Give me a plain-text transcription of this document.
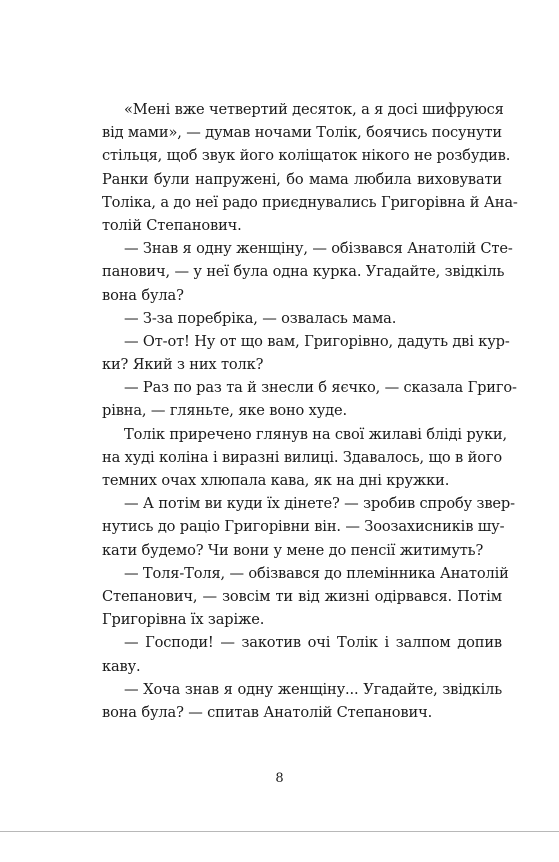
«Мені вже четвертий десяток, а я досі шифруюся
від мами», — думав ночами Толік, боячись посунути
стільця, щоб звук його колiщаток нікого не розбудив.
Ранки були напружені, бо мама любила виховувати
Толіка, а до неї радо приєднувались Григорівна й Ана-
толій Степанович.
— Знав я одну женщіну, — обізвався Анатолій Сте-
панович, — у неї була одна курка. Угадайте, звідкіль
вона була?
— З-за поребріка, — озвалась мама.
— От-от! Ну от що вам, Григорівно, дадуть дві кур-
ки? Який з них толк?
— Раз по раз та й знесли б яєчко, — сказала Григо-
рівна, — гляньте, яке воно худе.
Толік приречено глянув на свої жилаві бліді руки,
на худі коліна і виразні вилиці. Здавалось, що в його
темних очах хлюпала кава, як на дні кружки.
— А потім ви куди їх дінете? — зробив спробу звер-
нутись до раціо Григорівни він. — Зоозахисників шу-
кати будемо? Чи вони у мене до пенсії житимуть?
— Толя-Толя, — обізвався до племінника Анатолій
Степанович, — зовсім ти від жизні одірвався. Потім
Григорівна їх заріже.
— Господи! — закотив очі Толік і залпом допив
каву.
— Хоча знав я одну женщіну... Угадайте, звідкіль
вона була? — спитав Анатолій Степанович.
8
